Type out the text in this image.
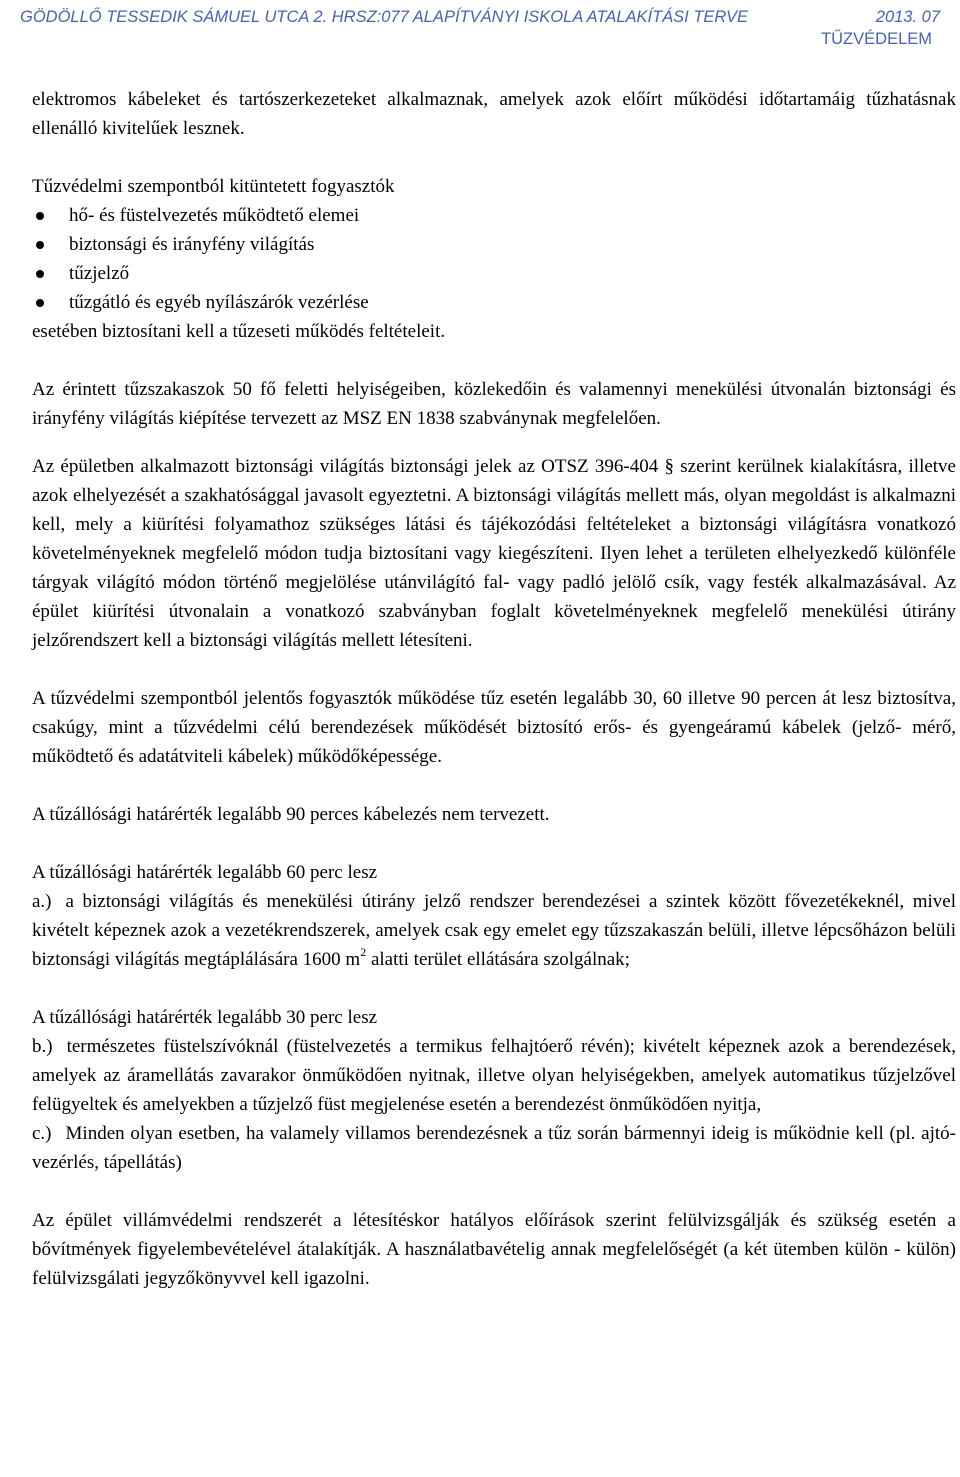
GÖDÖLLŐ TESSEDIK SÁMUEL UTCA 2. HRSZ:077 ALAPÍTVÁNYI ISKOLA ATALAKÍTÁSI TERVE	2013. 07
TŰZVÉDELEM

elektromos kábeleket és tartószerkezeteket alkalmaznak, amelyek azok előírt működési időtartamáig tűzhatásnak ellenálló kivitelűek lesznek.

Tűzvédelmi szempontból kitüntetett fogyasztók

hő- és füstelvezetés működtető elemei
biztonsági és irányfény világítás
tűzjelző
tűzgátló és egyéb nyílászárók vezérlése

esetében biztosítani kell a tűzeseti működés feltételeit.

Az érintett tűzszakaszok 50 fő feletti helyiségeiben, közlekedőin és valamennyi menekülési útvonalán biztonsági és irányfény világítás kiépítése tervezett az MSZ EN 1838 szabványnak megfelelően.

Az épületben alkalmazott biztonsági világítás biztonsági jelek az OTSZ 396-404 § szerint kerülnek kialakításra, illetve azok elhelyezését a szakhatósággal javasolt egyeztetni. A biztonsági világítás mellett más, olyan megoldást is alkalmazni kell, mely a kiürítési folyamathoz szükséges látási és tájékozódási feltételeket a biztonsági világításra vonatkozó követelményeknek megfelelő módon tudja biztosítani vagy kiegészíteni. Ilyen lehet a területen elhelyezkedő különféle tárgyak világító módon történő megjelölése utánvilágító fal- vagy padló jelölő csík, vagy festék alkalmazásával. Az épület kiürítési útvonalain a vonatkozó szabványban foglalt követelményeknek megfelelő menekülési útirány jelzőrendszert kell a biztonsági világítás mellett létesíteni.

A tűzvédelmi szempontból jelentős fogyasztók működése tűz esetén legalább 30, 60 illetve 90 percen át lesz biztosítva, csakúgy, mint a tűzvédelmi célú berendezések működését biztosító erős- és gyengeáramú kábelek (jelző- mérő, működtető és adatátviteli kábelek) működőképessége.

A tűzállósági határérték legalább 90 perces kábelezés nem tervezett.

A tűzállósági határérték legalább 60 perc lesz

a.) a biztonsági világítás és menekülési útirány jelző rendszer berendezései a szintek között fővezetékeknél, mivel kivételt képeznek azok a vezetékrendszerek, amelyek csak egy emelet egy tűzszakaszán belüli, illetve lépcsőházon belüli biztonsági világítás megtáplálására 1600 $m^2$ alatti terület ellátására szolgálnak;

A tűzállósági határérték legalább 30 perc lesz

b.) természetes füstelszívóknál (füstelvezetés a termikus felhajtóerő révén); kivételt képeznek azok a berendezések, amelyek az áramellátás zavarakor önműködően nyitnak, illetve olyan helyiségekben, amelyek automatikus tűzjelzővel felügyeltek és amelyekben a tűzjelző füst megjelenése esetén a berendezést önműködően nyitja,

c.) Minden olyan esetben, ha valamely villamos berendezésnek a tűz során bármennyi ideig is működnie kell (pl. ajtó-vezérlés, tápellátás)

Az épület villámvédelmi rendszerét a létesítéskor hatályos előírások szerint felülvizsgálják és szükség esetén a bővítmények figyelembevételével átalakítják. A használatbavételig annak megfelelőségét (a két ütemben külön - külön) felülvizsgálati jegyzőkönyvvel kell igazolni.
